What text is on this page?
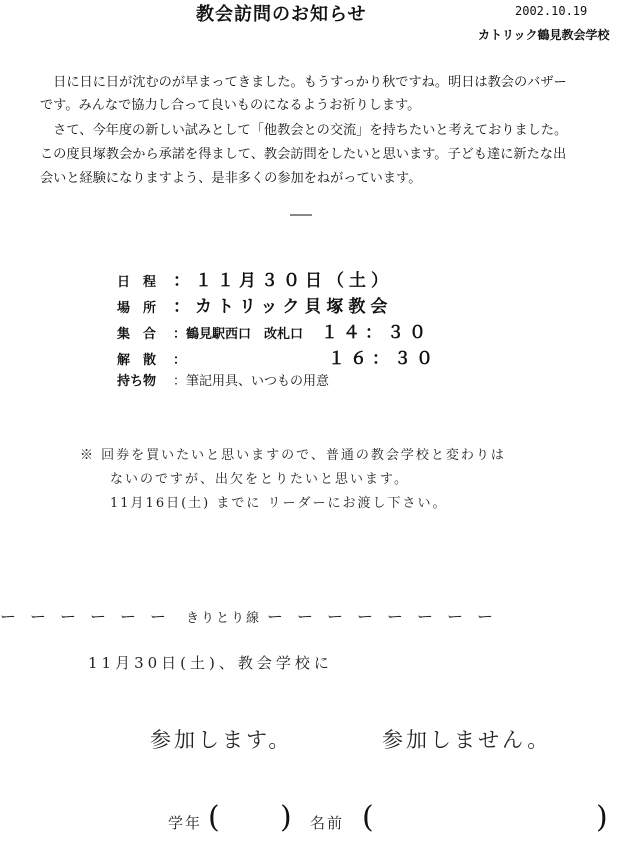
教会訪問のお知らせ	2002.10.19
カトリック鶴見教会学校
　日に日に日が沈むのが早まってきました。もうすっかり秋ですね。明日は教会のバザー
です。みんなで協力し合って良いものになるようお祈りします。
　さて、今年度の新しい試みとして「他教会との交流」を持ちたいと考えておりました。
この度貝塚教会から承諾を得まして、教会訪問をしたいと思います。子ども達に新たな出
会いと経験になりますよう、是非多くの参加をねがっています。
日　程 ：１１月３０日（土）
場　所 ：カトリック貝塚教会
集　合 ：鶴見駅西口　改札口 １４：３０
解　散 ：	１６：３０
持ち物 ：筆記用具、いつもの用意
※ 回券を買いたいと思いますので、普通の教会学校と変わりは
ないのですが、出欠をとりたいと思います。
11月16日(土) までに リーダーにお渡し下さい。
ーーーーーー きりとり線 ーーーーーーーー
11月30日(土)、教会学校に
参加します。	参加しません。
学年 ( ) 名前 (	)
